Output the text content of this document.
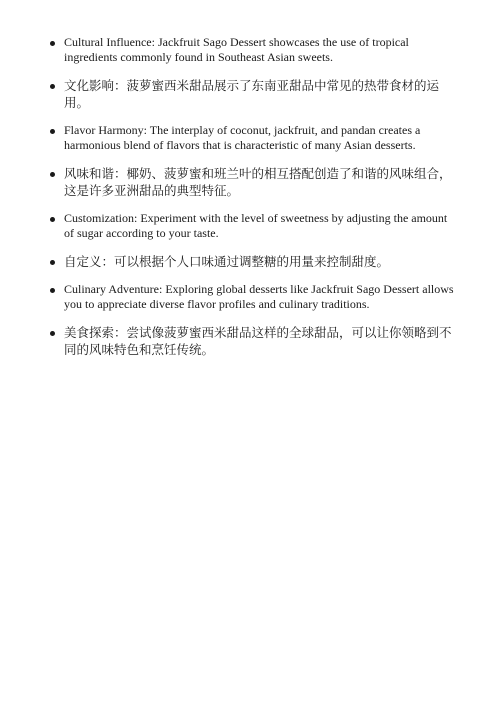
Cultural Influence: Jackfruit Sago Dessert showcases the use of tropical ingredients commonly found in Southeast Asian sweets.
文化影响：菠萝蜜西米甜品展示了东南亚甜品中常见的热带食材的运用。
Flavor Harmony: The interplay of coconut, jackfruit, and pandan creates a harmonious blend of flavors that is characteristic of many Asian desserts.
风味和谐：椰奶、菠萝蜜和班兰叶的相互搭配创造了和谐的风味组合，这是许多亚洲甜品的典型特征。
Customization: Experiment with the level of sweetness by adjusting the amount of sugar according to your taste.
自定义：可以根据个人口味通过调整糖的用量来控制甜度。
Culinary Adventure: Exploring global desserts like Jackfruit Sago Dessert allows you to appreciate diverse flavor profiles and culinary traditions.
美食探索：尝试像菠萝蜜西米甜品这样的全球甜品，可以让你领略到不同的风味特色和烹饪传统。
